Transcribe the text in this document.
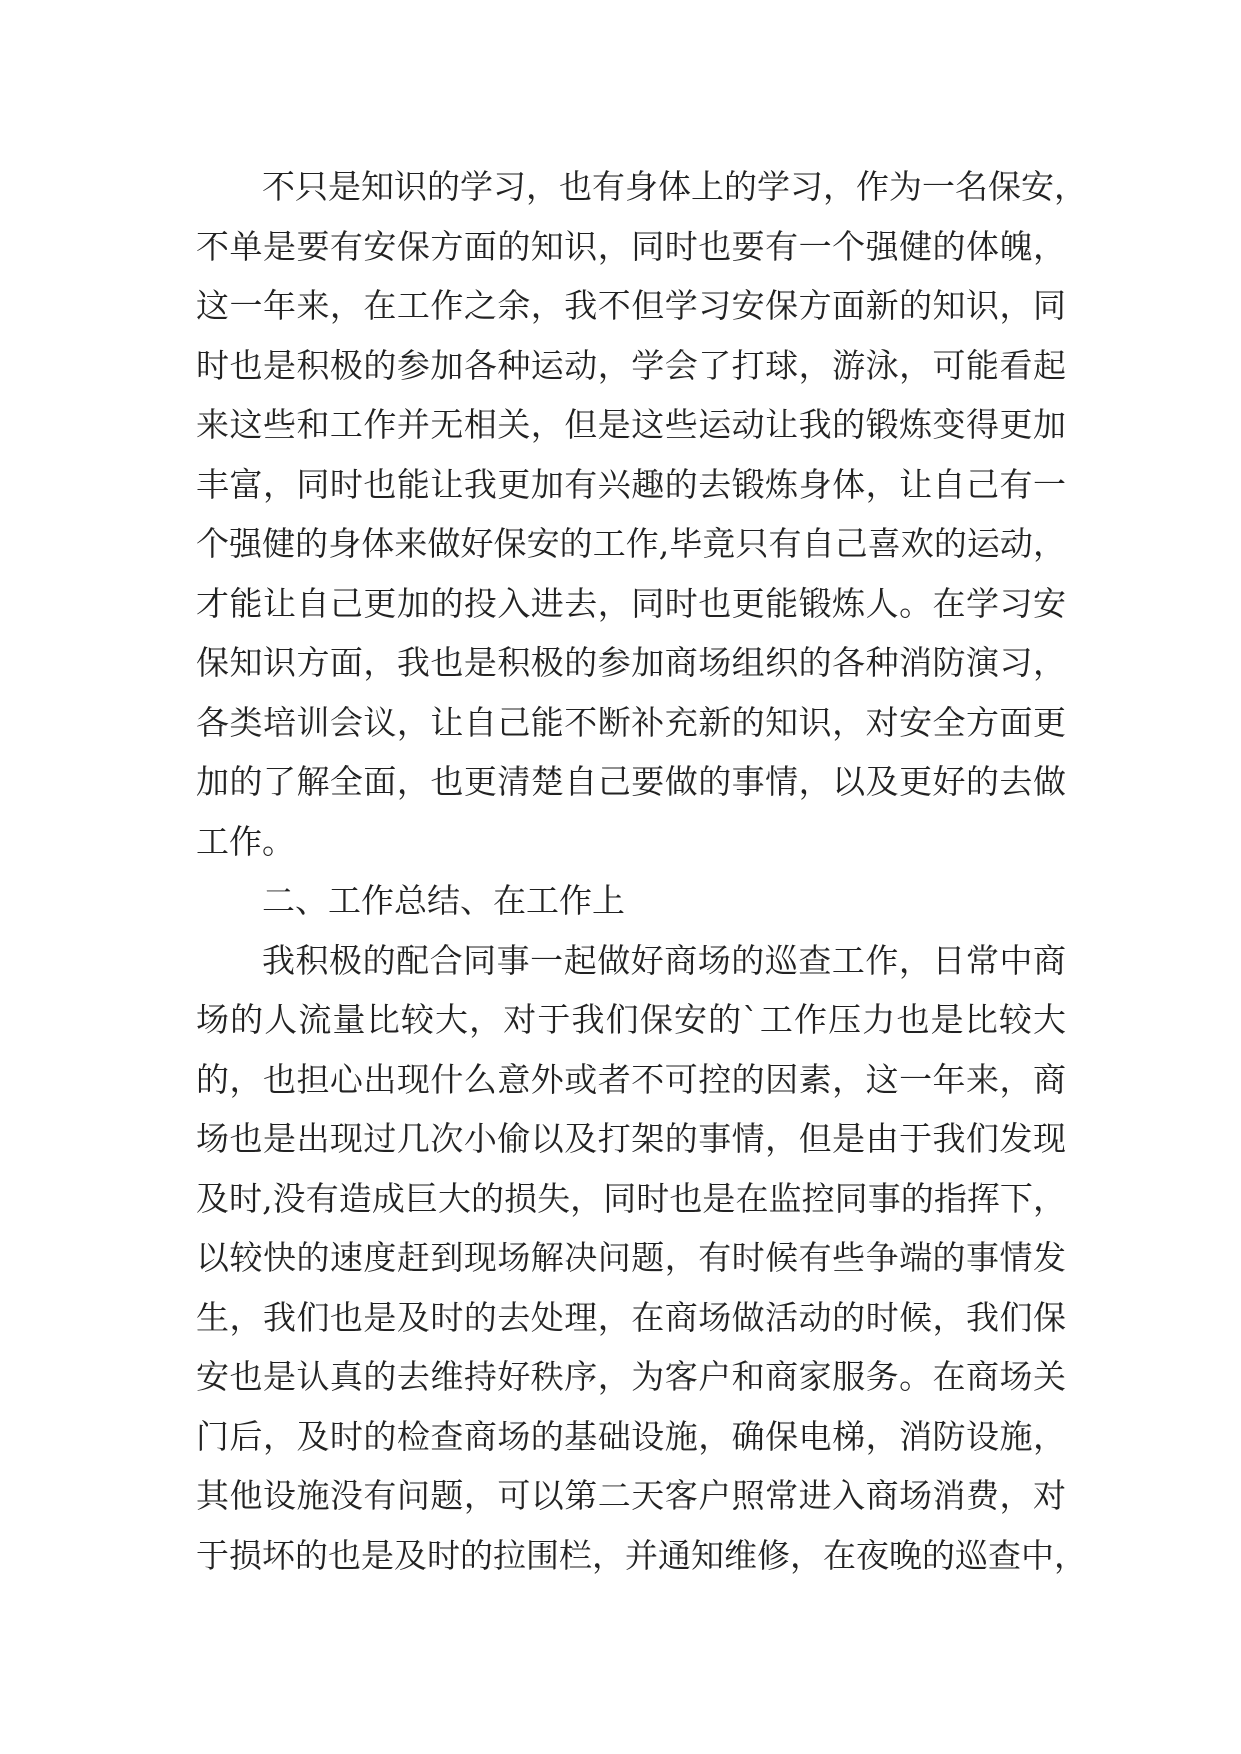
不只是知识的学习，也有身体上的学习，作为一名保安，
不单是要有安保方面的知识，同时也要有一个强健的体魄，
这一年来，在工作之余，我不但学习安保方面新的知识，同
时也是积极的参加各种运动，学会了打球，游泳，可能看起
来这些和工作并无相关，但是这些运动让我的锻炼变得更加
丰富，同时也能让我更加有兴趣的去锻炼身体，让自己有一
个强健的身体来做好保安的工作,毕竟只有自己喜欢的运动，
才能让自己更加的投入进去，同时也更能锻炼人。在学习安
保知识方面，我也是积极的参加商场组织的各种消防演习，
各类培训会议，让自己能不断补充新的知识，对安全方面更
加的了解全面，也更清楚自己要做的事情，以及更好的去做
工作。
二、工作总结、在工作上
我积极的配合同事一起做好商场的巡查工作，日常中商
场的人流量比较大，对于我们保安的`工作压力也是比较大
的，也担心出现什么意外或者不可控的因素，这一年来，商
场也是出现过几次小偷以及打架的事情，但是由于我们发现
及时,没有造成巨大的损失，同时也是在监控同事的指挥下，
以较快的速度赶到现场解决问题，有时候有些争端的事情发
生，我们也是及时的去处理，在商场做活动的时候，我们保
安也是认真的去维持好秩序，为客户和商家服务。在商场关
门后，及时的检查商场的基础设施，确保电梯，消防设施，
其他设施没有问题，可以第二天客户照常进入商场消费，对
于损坏的也是及时的拉围栏，并通知维修，在夜晚的巡查中，
